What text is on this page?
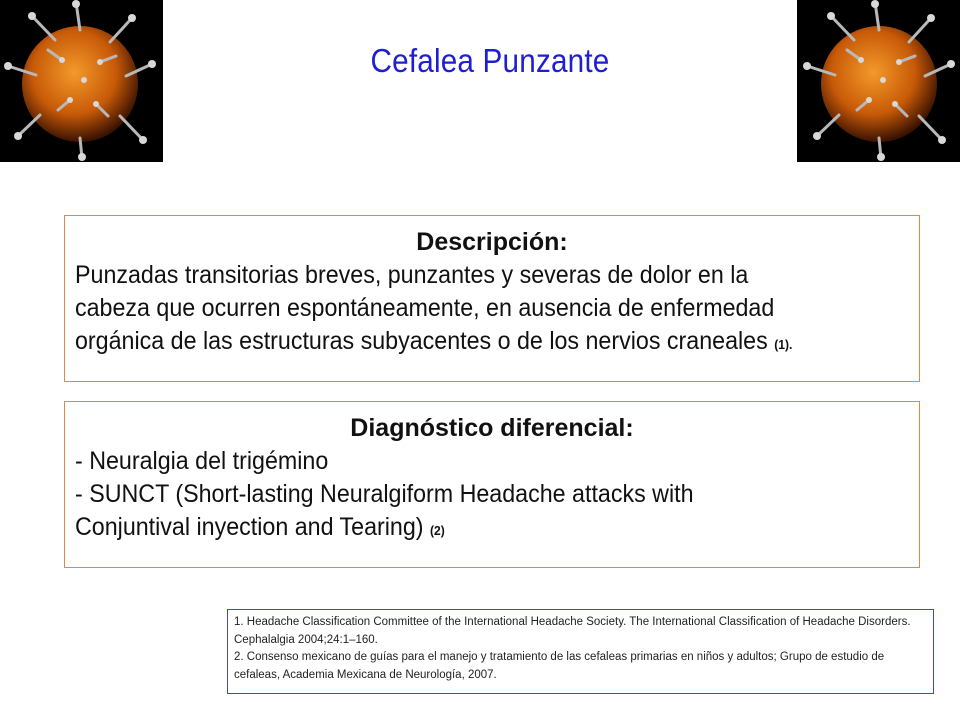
Cefalea Punzante
Descripción:
Punzadas transitorias breves, punzantes y severas de dolor en la
cabeza que ocurren espontáneamente, en ausencia de enfermedad
orgánica de las estructuras subyacentes o de los nervios craneales (1).
Diagnóstico diferencial:
- Neuralgia del trigémino
- SUNCT (Short-lasting Neuralgiform Headache attacks with
Conjuntival inyection and Tearing) (2)
1. Headache Classification Committee of the International Headache Society. The International Classification of Headache Disorders. Cephalalgia 2004;24:1–160.
2. Consenso mexicano de guías para el manejo y tratamiento de las cefaleas primarias en niños y adultos; Grupo de estudio de cefaleas, Academia Mexicana de Neurología, 2007.
